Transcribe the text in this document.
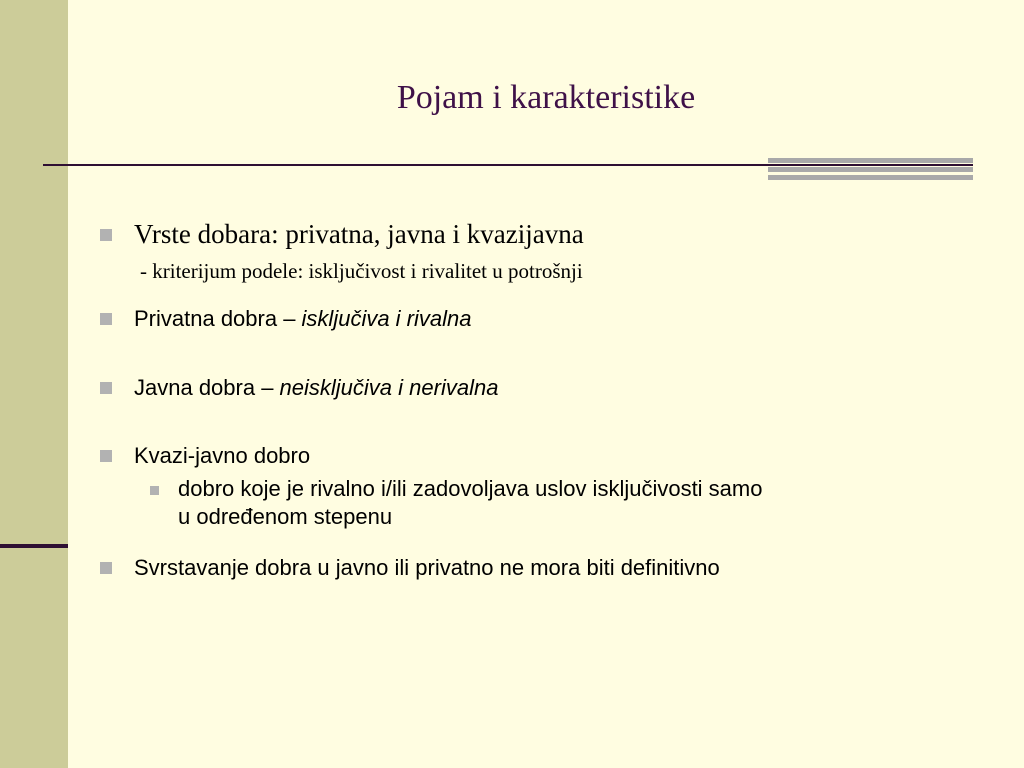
Pojam i karakteristike
Vrste dobara: privatna, javna i kvazijavna
- kriterijum podele: isključivost i rivalitet u potrošnji
Privatna dobra – isključiva i rivalna
Javna dobra – neisključiva i nerivalna
Kvazi-javno dobro
dobro koje je rivalno i/ili zadovoljava uslov isključivosti samo
u određenom stepenu
Svrstavanje dobra u javno ili privatno ne mora biti definitivno
